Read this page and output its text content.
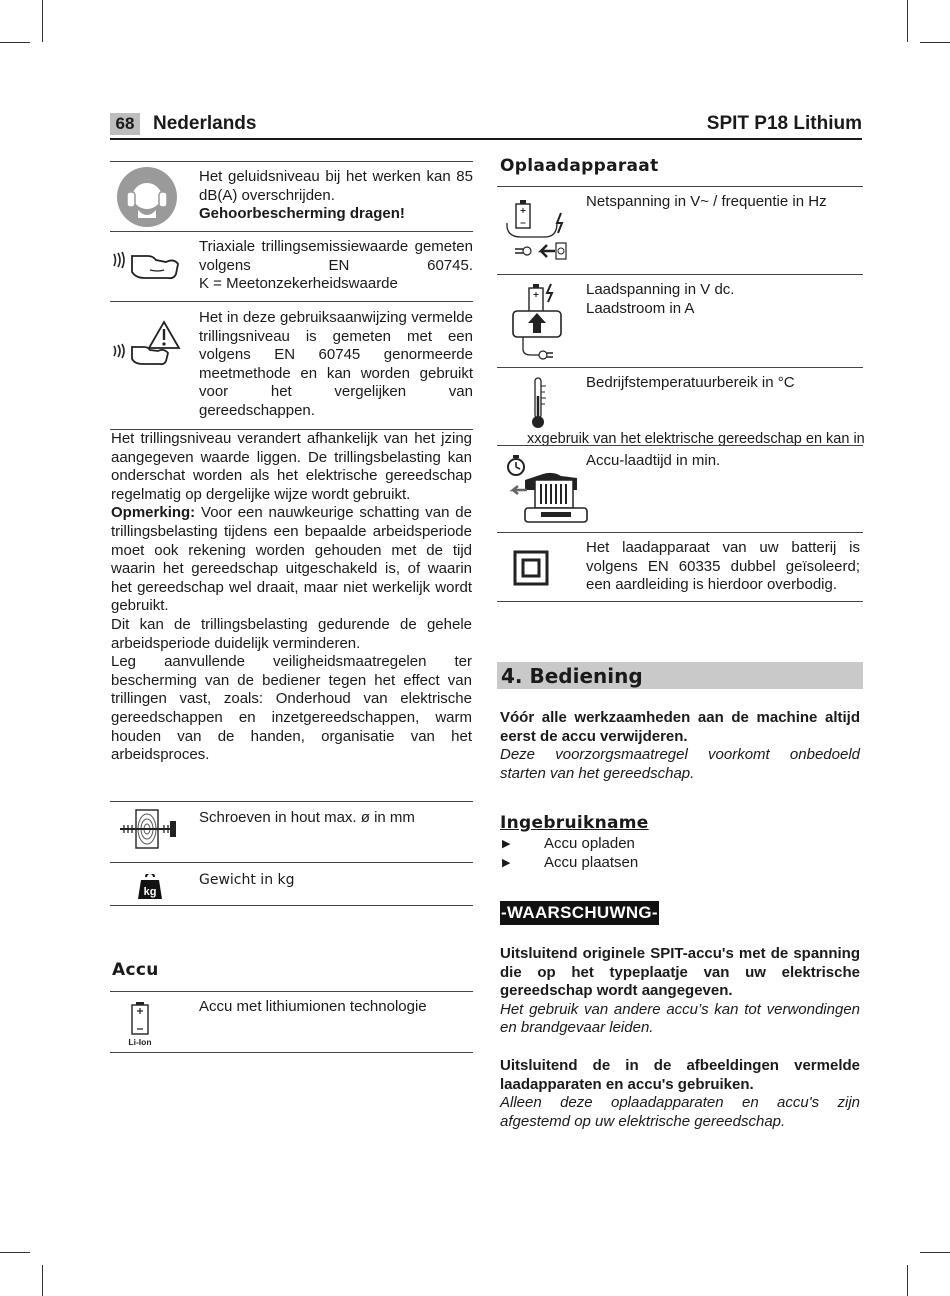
68 Nederlands	SPIT P18 Lithium
Het geluidsniveau bij het werken kan 85 dB(A) overschrijden.
Gehoorbescherming dragen!
Triaxiale trillingsemissiewaarde gemeten volgens EN 60745.
K = Meetonzekerheidswaarde
Het in deze gebruiksaanwijzing vermelde trillingsniveau is gemeten met een volgens EN 60745 genormeerde meetmethode en kan worden gebruikt voor het vergelijken van gereedschappen.
Het trillingsniveau verandert afhankelijk van het jzing aangegeven waarde liggen. De trillingsbelasting kan onderschat worden als het elektrische gereedschap regelmatig op dergelijke wijze wordt gebruikt.
Opmerking: Voor een nauwkeurige schatting van de trillingsbelasting tijdens een bepaalde arbeidsperiode moet ook rekening worden gehouden met de tijd waarin het gereedschap uitgeschakeld is, of waarin het gereedschap wel draait, maar niet werkelijk wordt gebruikt.
Dit kan de trillingsbelasting gedurende de gehele arbeidsperiode duidelijk verminderen.
Leg aanvullende veiligheidsmaatregelen ter bescherming van de bediener tegen het effect van trillingen vast, zoals: Onderhoud van elektrische gereedschappen en inzetgereedschappen, warm houden van de handen, organisatie van het arbeidsproces.
Schroeven in hout max. ø in mm
kg
Gewicht in kg
Accu
Li-Ion
Accu met lithiumionen technologie
Oplaadapparaat
Netspanning in V~ / frequentie in Hz
Laadspanning in V dc.
Laadstroom in A
Bedrijfstemperatuurbereik in °C
xxgebruik van het elektrische gereedschap en kan in
Accu-laadtijd in min.
Het laadapparaat van uw batterij is volgens EN 60335 dubbel geïsoleerd; een aardleiding is hierdoor overbodig.
4. Bediening
Vóór alle werkzaamheden aan de machine altijd eerst de accu verwijderen.
Deze voorzorgsmaatregel voorkomt onbedoeld starten van het gereedschap.
Ingebruikname
▶ Accu opladen
▶ Accu plaatsen
-WAARSCHUWNG-
Uitsluitend originele SPIT-accu's met de spanning die op het typeplaatje van uw elektrische gereedschap wordt aangegeven.
Het gebruik van andere accu’s kan tot verwondingen en brandgevaar leiden.
Uitsluitend de in de afbeeldingen vermelde laadapparaten en accu's gebruiken.
Alleen deze oplaadapparaten en accu's zijn afgestemd op uw elektrische gereedschap.
